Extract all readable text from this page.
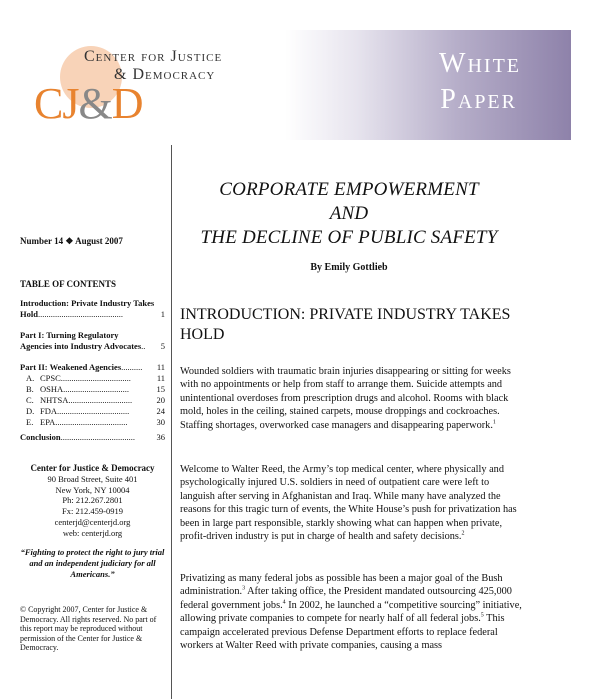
Center for Justice
& Democracy
CJ&D
White
Paper
Number 14 ❖ August 2007
TABLE OF CONTENTS
Introduction: Private Industry Takes
Hold ........................................	1
Part I: Turning Regulatory
Agencies into Industry Advocates ..	5
Part II: Weakened Agencies ..........	11
A. CPSC .................................	11
B. OSHA ...............................	15
C. NHTSA ..............................	20
D. FDA ..................................	24
E. EPA ..................................	30
Conclusion ...................................	36
Center for Justice & Democracy
90 Broad Street, Suite 401
New York, NY 10004
Ph: 212.267.2801
Fx: 212.459-0919
centerjd@centerjd.org
web: centerjd.org
“Fighting to protect the right to jury trial and an independent judiciary for all Americans.”
© Copyright 2007, Center for Justice & Democracy. All rights reserved. No part of this report may be reproduced without permission of the Center for Justice & Democracy.
CORPORATE EMPOWERMENT
AND
THE DECLINE OF PUBLIC SAFETY
By Emily Gottlieb
INTRODUCTION: PRIVATE INDUSTRY TAKES HOLD
Wounded soldiers with traumatic brain injuries disappearing or sitting for weeks with no appointments or help from staff to arrange them. Suicide attempts and unintentional overdoses from prescription drugs and alcohol. Rooms with black mold, holes in the ceiling, stained carpets, mouse droppings and cockroaches. Staffing shortages, overworked case managers and disappearing paperwork.$^1$
Welcome to Walter Reed, the Army’s top medical center, where physically and psychologically injured U.S. soldiers in need of outpatient care were left to languish after serving in Afghanistan and Iraq. While many have analyzed the reasons for this tragic turn of events, the White House’s push for privatization has been in large part responsible, starkly showing what can happen when private, profit-driven industry is put in charge of health and safety decisions.$^2$
Privatizing as many federal jobs as possible has been a major goal of the Bush administration.$^3$ After taking office, the President mandated outsourcing 425,000 federal government jobs.$^4$ In 2002, he launched a “competitive sourcing” initiative, allowing private companies to compete for nearly half of all federal jobs.$^5$ This campaign accelerated previous Defense Department efforts to replace federal workers at Walter Reed with private companies, causing a mass
